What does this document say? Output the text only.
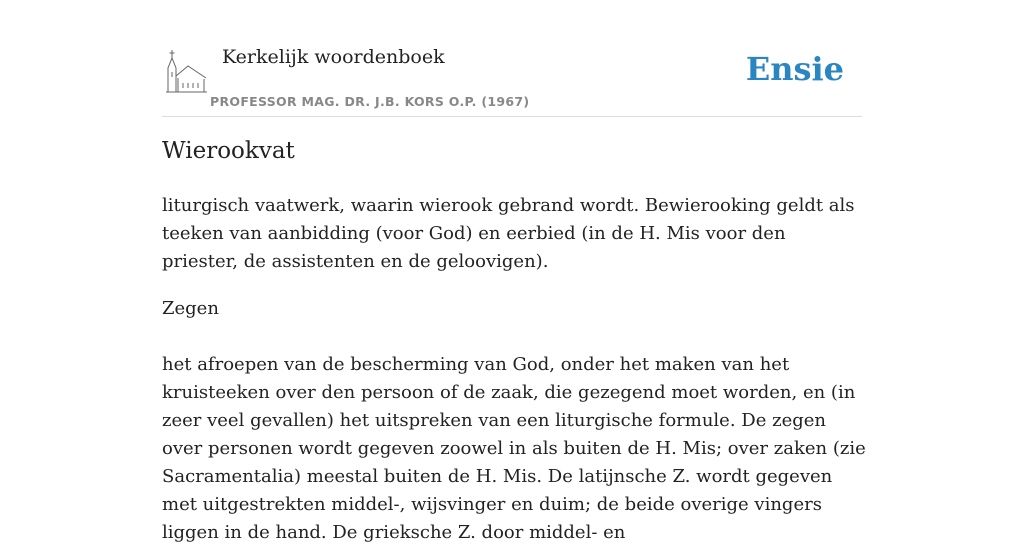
Kerkelijk woordenboek
PROFESSOR MAG. DR. J.B. KORS O.P. (1967)
Ensie
Wierookvat

liturgisch vaatwerk, waarin wierook gebrand wordt. Bewierooking geldt als teeken van aanbidding (voor God) en eerbied (in de H. Mis voor den priester, de assistenten en de geloovigen).

Zegen

het afroepen van de bescherming van God, onder het maken van het kruisteeken over den persoon of de zaak, die gezegend moet worden, en (in zeer veel gevallen) het uitspreken van een liturgische formule. De zegen over personen wordt gegeven zoowel in als buiten de H. Mis; over zaken (zie Sacramentalia) meestal buiten de H. Mis. De latijnsche Z. wordt gegeven met uitgestrekten middel-, wijsvinger en duim; de beide overige vingers liggen in de hand. De grieksche Z. door middel- en
